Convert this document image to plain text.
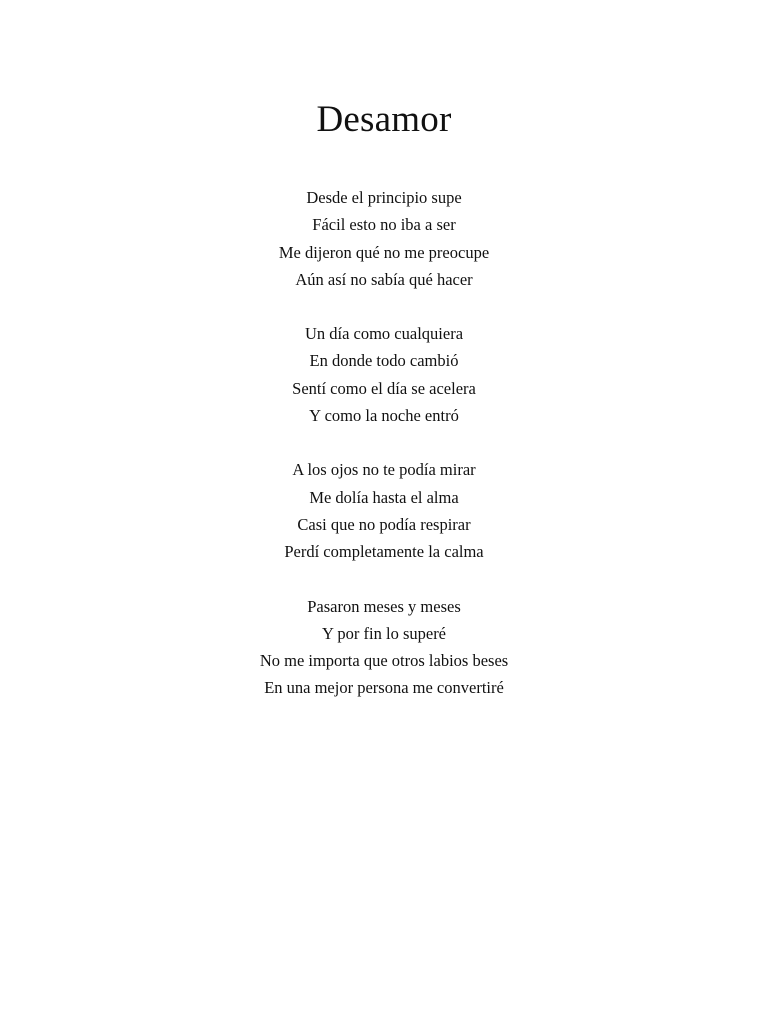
Desamor
Desde el principio supe
Fácil esto no iba a ser
Me dijeron qué no me preocupe
Aún así no sabía qué hacer
Un día como cualquiera
En donde todo cambió
Sentí como el día se acelera
Y como la noche entró
A los ojos no te podía mirar
Me dolía hasta el alma
Casi que no podía respirar
Perdí completamente la calma
Pasaron meses y meses
Y por fin lo superé
No me importa que otros labios beses
En una mejor persona me convertiré
